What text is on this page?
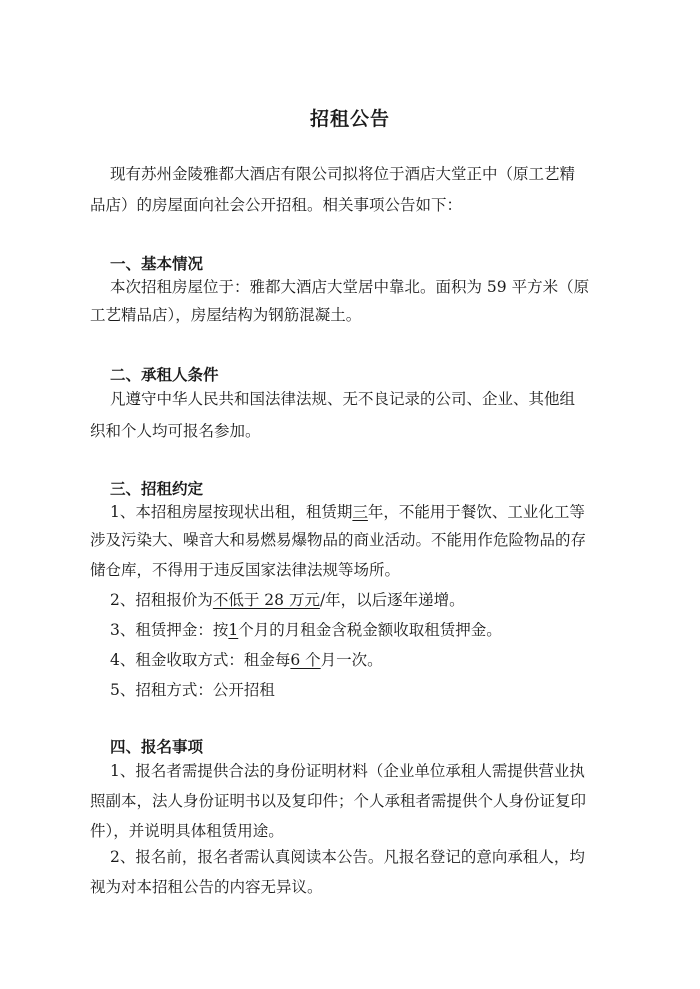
招租公告
现有苏州金陵雅都大酒店有限公司拟将位于酒店大堂正中（原工艺精
品店）的房屋面向社会公开招租。相关事项公告如下：
一、基本情况
本次招租房屋位于：雅都大酒店大堂居中靠北。面积为 59 平方米（原
工艺精品店），房屋结构为钢筋混凝土。
二、承租人条件
凡遵守中华人民共和国法律法规、无不良记录的公司、企业、其他组
织和个人均可报名参加。
三、招租约定
1、本招租房屋按现状出租，租赁期三年，不能用于餐饮、工业化工等
涉及污染大、噪音大和易燃易爆物品的商业活动。不能用作危险物品的存
储仓库，不得用于违反国家法律法规等场所。
2、招租报价为不低于 28 万元/年，以后逐年递增。
3、租赁押金：按1个月的月租金含税金额收取租赁押金。
4、租金收取方式：租金每6 个月一次。
5、招租方式：公开招租
四、报名事项
1、报名者需提供合法的身份证明材料（企业单位承租人需提供营业执
照副本，法人身份证明书以及复印件；个人承租者需提供个人身份证复印
件），并说明具体租赁用途。
2、报名前，报名者需认真阅读本公告。凡报名登记的意向承租人，均
视为对本招租公告的内容无异议。
